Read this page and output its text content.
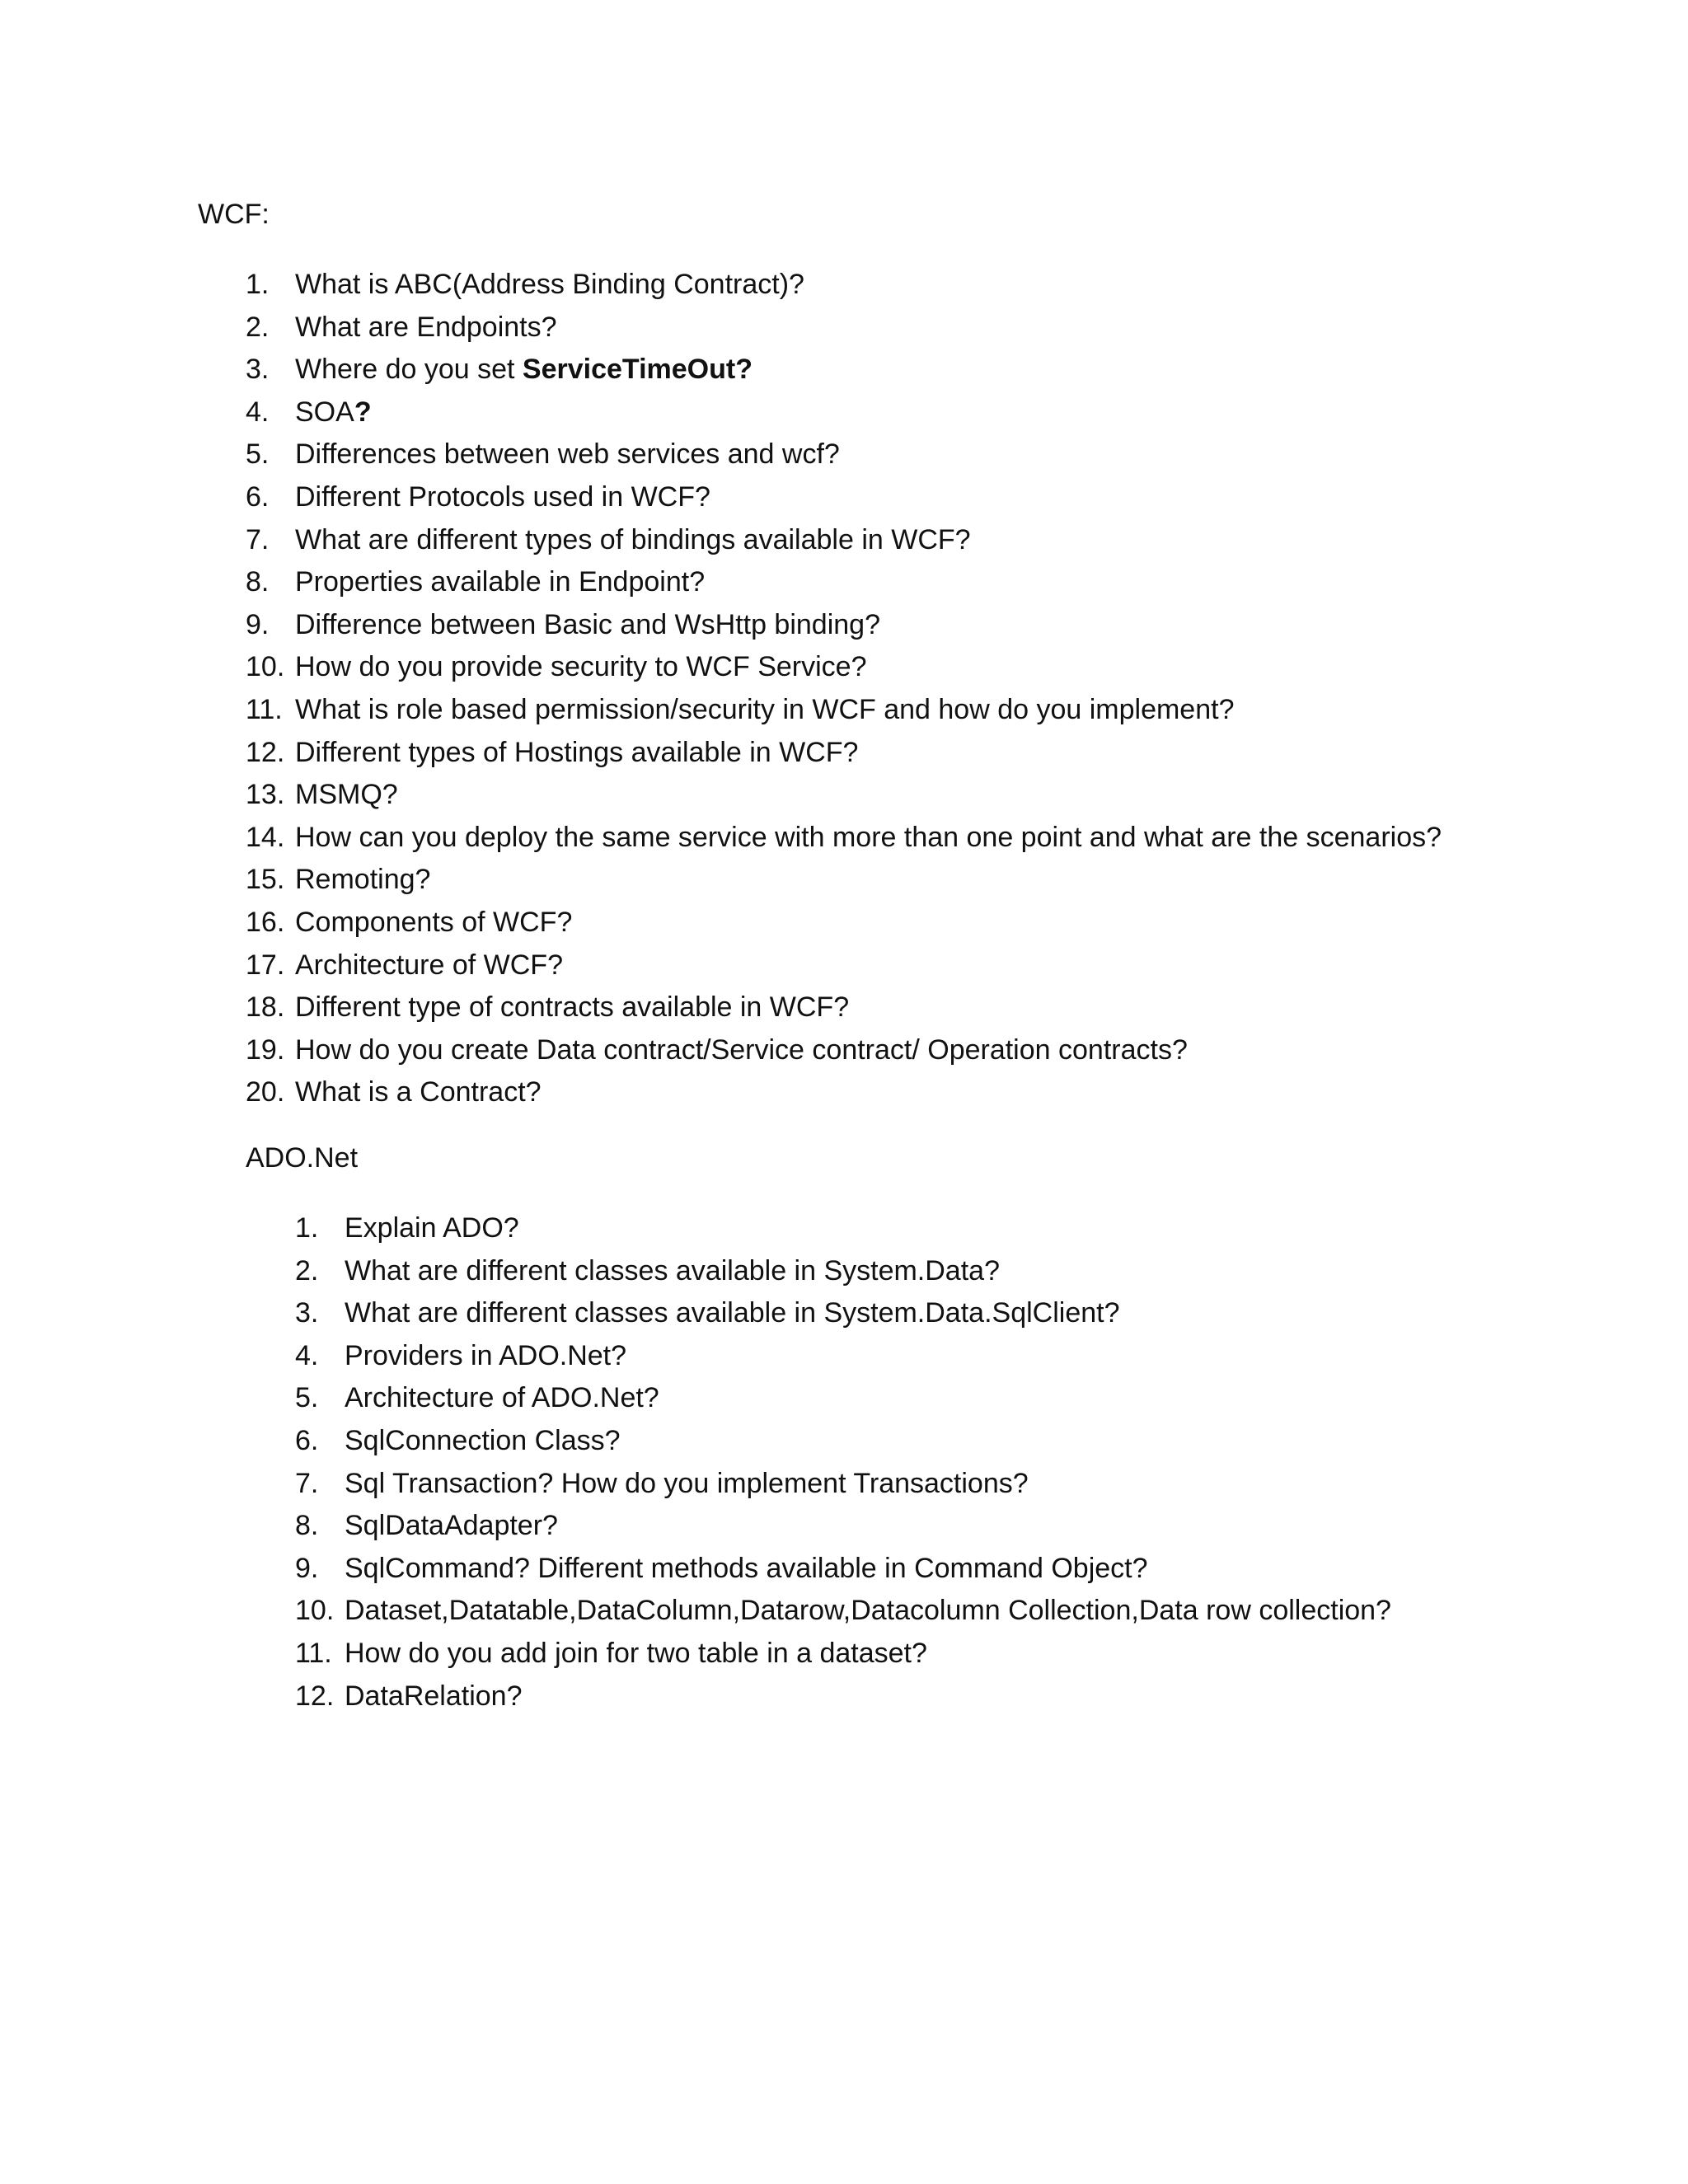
WCF:
1. What is ABC(Address Binding Contract)?
2. What are Endpoints?
3. Where do you set ServiceTimeOut?
4. SOA?
5. Differences between web services and wcf?
6. Different Protocols used in WCF?
7. What are different types of bindings available in WCF?
8. Properties available in Endpoint?
9. Difference between Basic and WsHttp binding?
10. How do you provide security to WCF Service?
11. What is role based permission/security in WCF and how do you implement?
12. Different types of Hostings available in WCF?
13. MSMQ?
14. How can you deploy the same service with more than one point and what are the scenarios?
15. Remoting?
16. Components of WCF?
17. Architecture of WCF?
18. Different type of contracts available in WCF?
19. How do you create Data contract/Service contract/ Operation contracts?
20. What is a Contract?
ADO.Net
1. Explain ADO?
2. What are different classes available in System.Data?
3. What are different classes available in System.Data.SqlClient?
4. Providers in ADO.Net?
5. Architecture of ADO.Net?
6. SqlConnection Class?
7. Sql Transaction? How do you implement Transactions?
8. SqlDataAdapter?
9. SqlCommand? Different methods available in Command Object?
10. Dataset,Datatable,DataColumn,Datarow,Datacolumn Collection,Data row collection?
11. How do you add join for two table in a dataset?
12. DataRelation?
